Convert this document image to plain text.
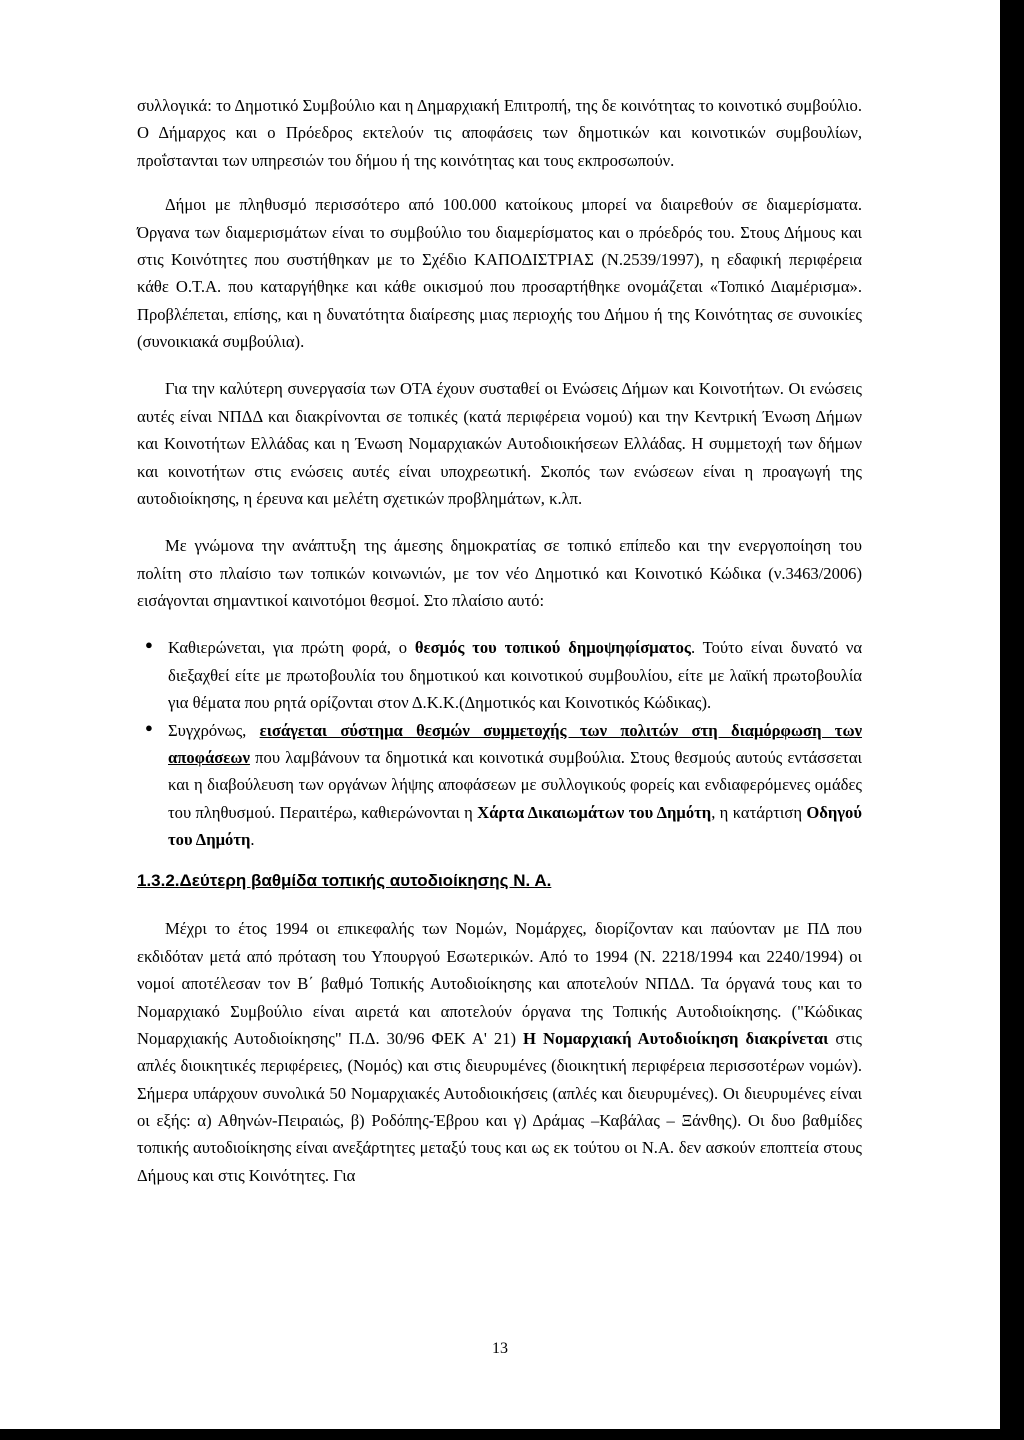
συλλογικά: το Δημοτικό Συμβούλιο και η Δημαρχιακή Επιτροπή, της δε κοινότητας το κοινοτικό συμβούλιο. Ο Δήμαρχος και ο Πρόεδρος εκτελούν τις αποφάσεις των δημοτικών και κοινοτικών συμβουλίων, προΐστανται των υπηρεσιών του δήμου ή της κοινότητας και τους εκπροσωπούν.

Δήμοι με πληθυσμό περισσότερο από 100.000 κατοίκους μπορεί να διαιρεθούν σε διαμερίσματα. Όργανα των διαμερισμάτων είναι το συμβούλιο του διαμερίσματος και ο πρόεδρός του. Στους Δήμους και στις Κοινότητες που συστήθηκαν με το Σχέδιο ΚΑΠΟΔΙΣΤΡΙΑΣ (Ν.2539/1997), η εδαφική περιφέρεια κάθε Ο.Τ.Α. που καταργήθηκε και κάθε οικισμού που προσαρτήθηκε ονομάζεται «Τοπικό Διαμέρισμα». Προβλέπεται, επίσης, και η δυνατότητα διαίρεσης μιας περιοχής του Δήμου ή της Κοινότητας σε συνοικίες (συνοικιακά συμβούλια).

Για την καλύτερη συνεργασία των ΟΤΑ έχουν συσταθεί οι Ενώσεις Δήμων και Κοινοτήτων. Οι ενώσεις αυτές είναι ΝΠΔΔ και διακρίνονται σε τοπικές (κατά περιφέρεια νομού) και την Κεντρική Ένωση Δήμων και Κοινοτήτων Ελλάδας και η Ένωση Νομαρχιακών Αυτοδιοικήσεων Ελλάδας. Η συμμετοχή των δήμων και κοινοτήτων στις ενώσεις αυτές είναι υποχρεωτική. Σκοπός των ενώσεων είναι η προαγωγή της αυτοδιοίκησης, η έρευνα και μελέτη σχετικών προβλημάτων, κ.λπ.

Με γνώμονα την ανάπτυξη της άμεσης δημοκρατίας σε τοπικό επίπεδο και την ενεργοποίηση του πολίτη στο πλαίσιο των τοπικών κοινωνιών, με τον νέο Δημοτικό και Κοινοτικό Κώδικα (ν.3463/2006) εισάγονται σημαντικοί καινοτόμοι θεσμοί. Στο πλαίσιο αυτό:

● Καθιερώνεται, για πρώτη φορά, ο θεσμός του τοπικού δημοψηφίσματος. Τούτο είναι δυνατό να διεξαχθεί είτε με πρωτοβουλία του δημοτικού και κοινοτικού συμβουλίου, είτε με λαϊκή πρωτοβουλία για θέματα που ρητά ορίζονται στον Δ.Κ.Κ.(Δημοτικός και Κοινοτικός Κώδικας).
● Συγχρόνως, εισάγεται σύστημα θεσμών συμμετοχής των πολιτών στη διαμόρφωση των αποφάσεων που λαμβάνουν τα δημοτικά και κοινοτικά συμβούλια. Στους θεσμούς αυτούς εντάσσεται και η διαβούλευση των οργάνων λήψης αποφάσεων με συλλογικούς φορείς και ενδιαφερόμενες ομάδες του πληθυσμού. Περαιτέρω, καθιερώνονται η Χάρτα Δικαιωμάτων του Δημότη, η κατάρτιση Οδηγού του Δημότη.
1.3.2.Δεύτερη βαθμίδα τοπικής αυτοδιοίκησης Ν. Α.

Μέχρι το έτος 1994 οι επικεφαλής των Νομών, Νομάρχες, διορίζονταν και παύονταν με ΠΔ που εκδιδόταν μετά από πρόταση του Υπουργού Εσωτερικών. Από το 1994 (Ν. 2218/1994 και 2240/1994) οι νομοί αποτέλεσαν τον Β΄ βαθμό Τοπικής Αυτοδιοίκησης και αποτελούν ΝΠΔΔ. Τα όργανά τους και το Νομαρχιακό Συμβούλιο είναι αιρετά και αποτελούν όργανα της Τοπικής Αυτοδιοίκησης. ("Κώδικας Νομαρχιακής Αυτοδιοίκησης" Π.Δ. 30/96 ΦΕΚ Α' 21) Η Νομαρχιακή Αυτοδιοίκηση διακρίνεται στις απλές διοικητικές περιφέρειες, (Νομός) και στις διευρυμένες (διοικητική περιφέρεια περισσοτέρων νομών). Σήμερα υπάρχουν συνολικά 50 Νομαρχιακές Αυτοδιοικήσεις (απλές και διευρυμένες). Οι διευρυμένες είναι οι εξής: α) Αθηνών-Πειραιώς, β) Ροδόπης-Έβρου και γ) Δράμας –Καβάλας – Ξάνθης). Οι δυο βαθμίδες τοπικής αυτοδιοίκησης είναι ανεξάρτητες μεταξύ τους και ως εκ τούτου οι Ν.Α. δεν ασκούν εποπτεία στους Δήμους και στις Κοινότητες. Για

13
